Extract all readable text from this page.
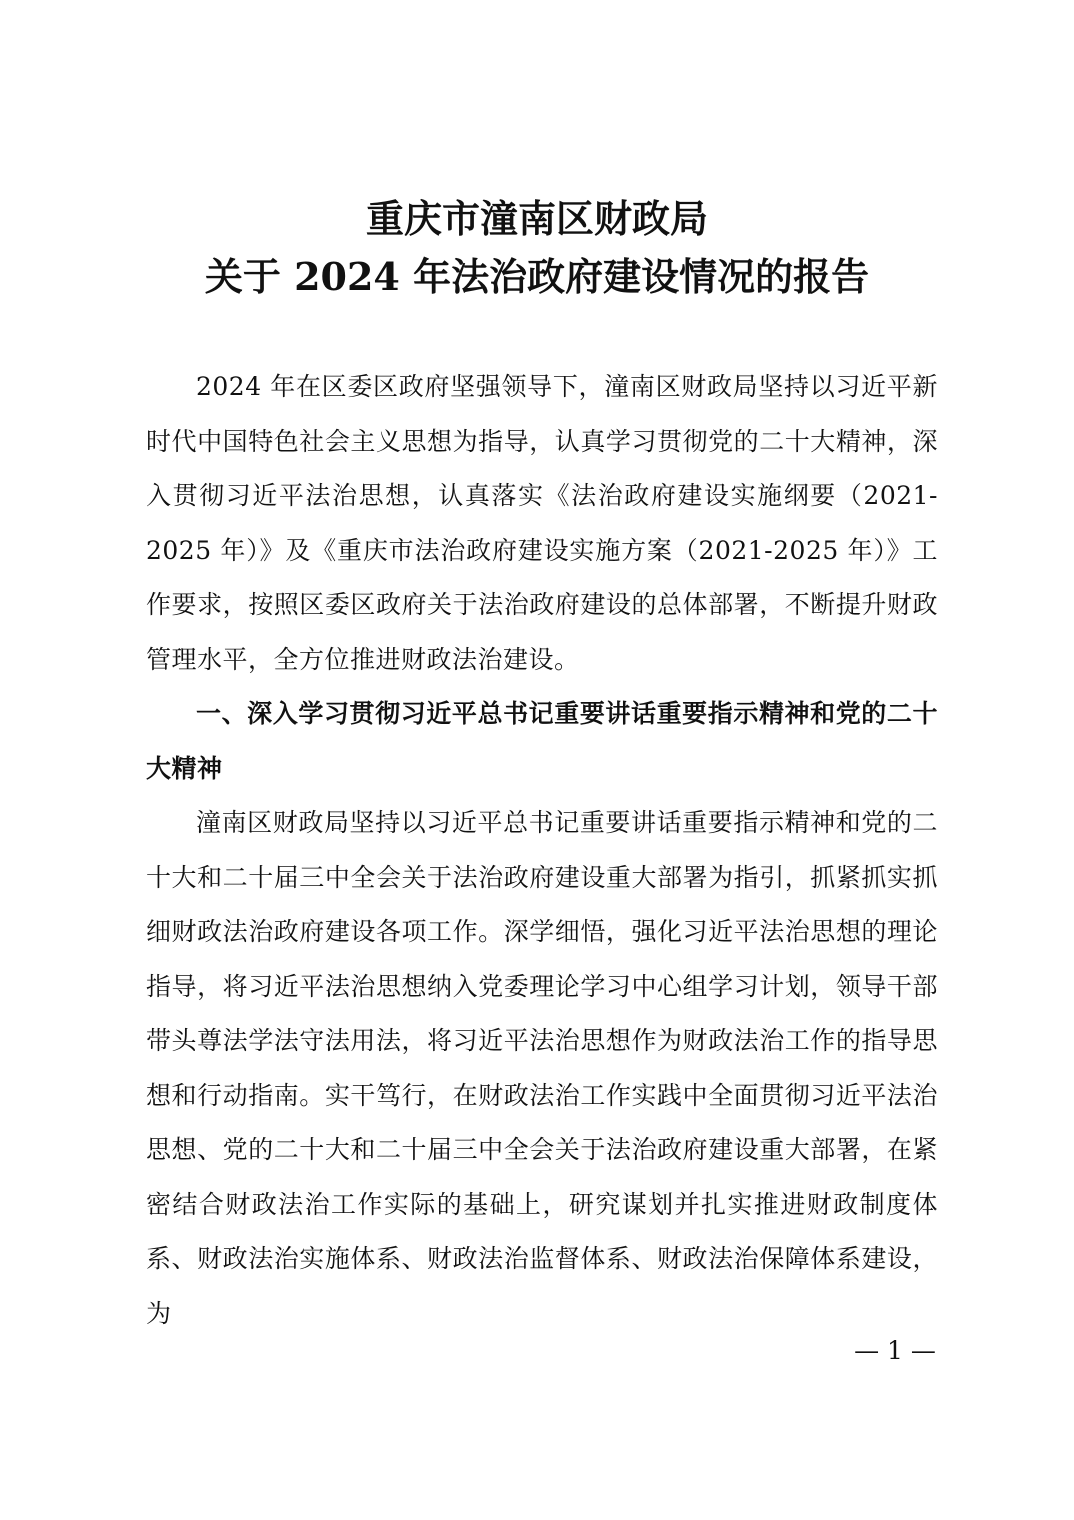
重庆市潼南区财政局
关于 2024 年法治政府建设情况的报告

2024 年在区委区政府坚强领导下，潼南区财政局坚持以习近平新时代中国特色社会主义思想为指导，认真学习贯彻党的二十大精神，深入贯彻习近平法治思想，认真落实《法治政府建设实施纲要（2021-2025 年）》及《重庆市法治政府建设实施方案（2021-2025 年）》工作要求，按照区委区政府关于法治政府建设的总体部署，不断提升财政管理水平，全方位推进财政法治建设。

一、深入学习贯彻习近平总书记重要讲话重要指示精神和党的二十大精神

潼南区财政局坚持以习近平总书记重要讲话重要指示精神和党的二十大和二十届三中全会关于法治政府建设重大部署为指引，抓紧抓实抓细财政法治政府建设各项工作。深学细悟，强化习近平法治思想的理论指导，将习近平法治思想纳入党委理论学习中心组学习计划，领导干部带头尊法学法守法用法，将习近平法治思想作为财政法治工作的指导思想和行动指南。实干笃行，在财政法治工作实践中全面贯彻习近平法治思想、党的二十大和二十届三中全会关于法治政府建设重大部署，在紧密结合财政法治工作实际的基础上，研究谋划并扎实推进财政制度体系、财政法治实施体系、财政法治监督体系、财政法治保障体系建设，为

— 1 —
